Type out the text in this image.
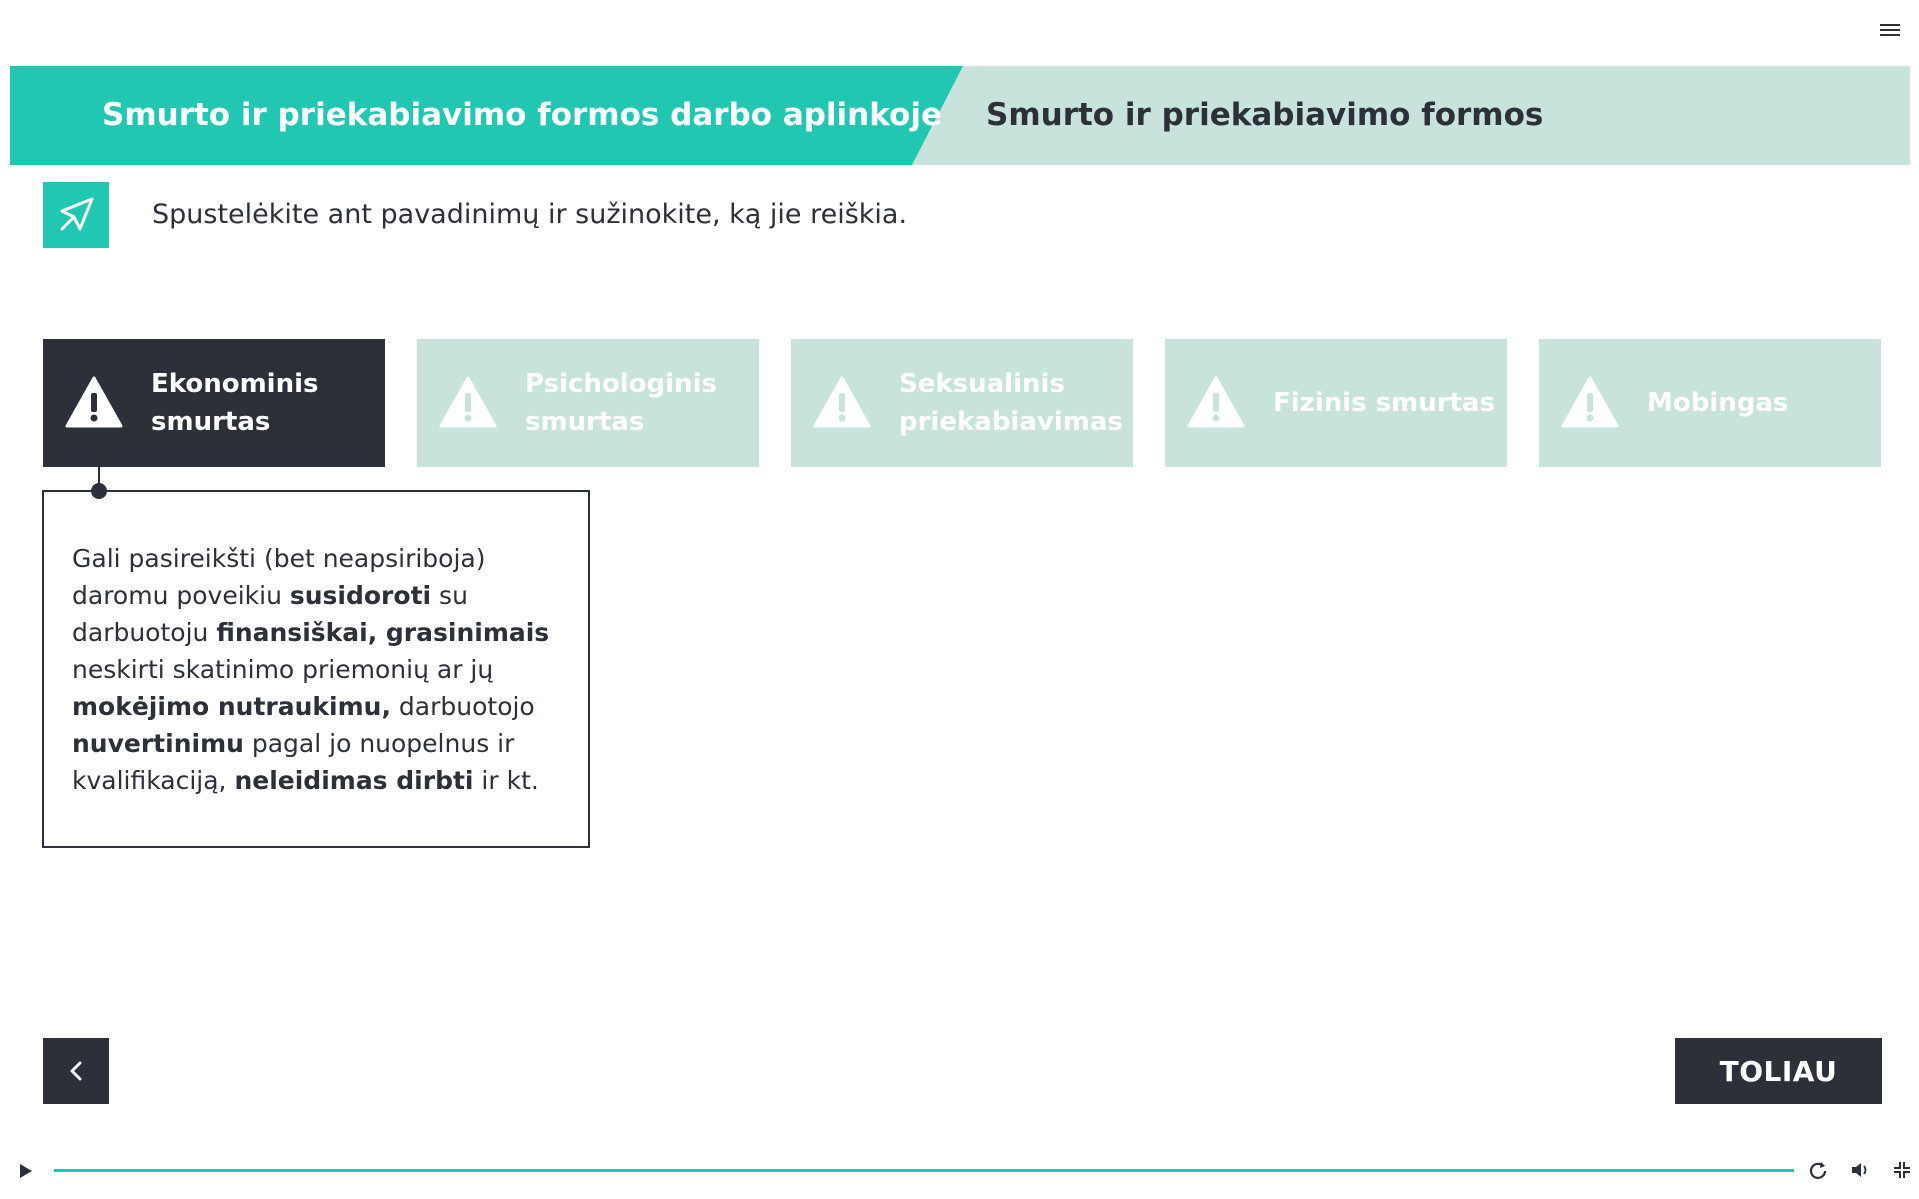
Smurto ir priekabiavimo formos darbo aplinkoje Smurto ir priekabiavimo formos
Spustelėkite ant pavadinimų ir sužinokite, ką jie reiškia.
Ekonominis smurtas
Psichologinis smurtas
Seksualinis priekabiavimas
Fizinis smurtas	Mobingas

Gali pasireikšti (bet neapsiriboja) daromu poveikiu susidoroti su darbuotoju finansiškai, grasinimais neskirti skatinimo priemonių ar jų mokėjimo nutraukimu, darbuotojo nuvertinimu pagal jo nuopelnus ir kvalifikaciją, neleidimas dirbti ir kt.

TOLIAU
